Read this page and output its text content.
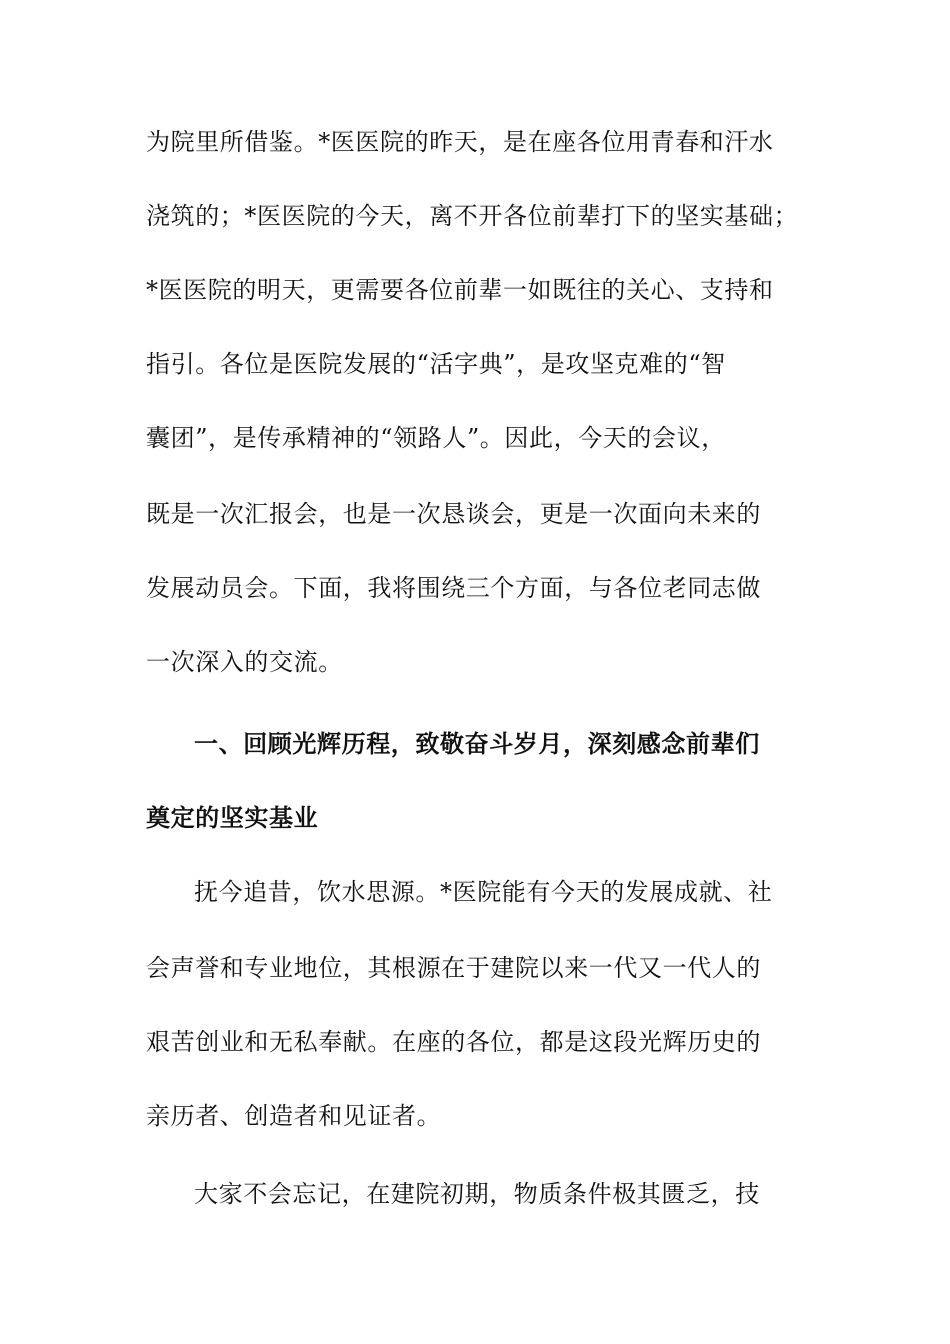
为院里所借鉴。*医医院的昨天，是在座各位用青春和汗水
浇筑的；*医医院的今天，离不开各位前辈打下的坚实基础；
*医医院的明天，更需要各位前辈一如既往的关心、支持和
指引。各位是医院发展的“活字典”，是攻坚克难的“智
囊团”，是传承精神的“领路人”。因此，今天的会议，
既是一次汇报会，也是一次恳谈会，更是一次面向未来的
发展动员会。下面，我将围绕三个方面，与各位老同志做
一次深入的交流。
一、回顾光辉历程，致敬奋斗岁月，深刻感念前辈们
奠定的坚实基业
抚今追昔，饮水思源。*医院能有今天的发展成就、社
会声誉和专业地位，其根源在于建院以来一代又一代人的
艰苦创业和无私奉献。在座的各位，都是这段光辉历史的
亲历者、创造者和见证者。
大家不会忘记，在建院初期，物质条件极其匮乏，技
